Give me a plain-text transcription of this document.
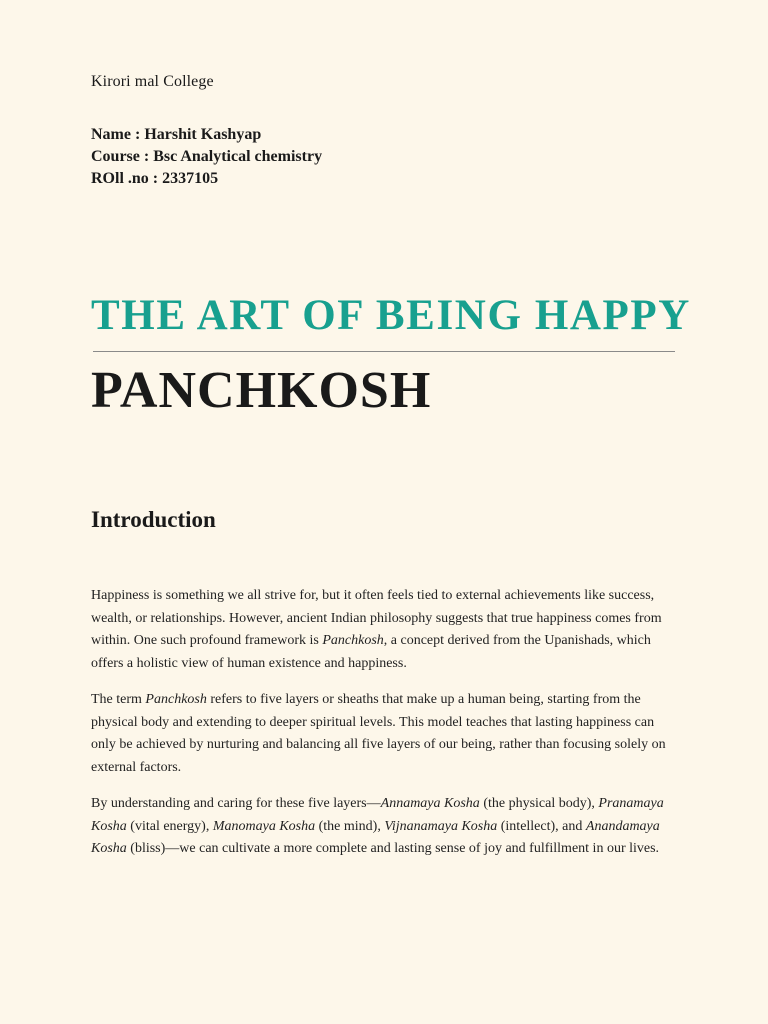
Kirori mal College
Name : Harshit Kashyap
Course : Bsc Analytical chemistry
ROll .no : 2337105
THE ART OF BEING HAPPY
PANCHKOSH
Introduction

Happiness is something we all strive for, but it often feels tied to external achievements like success, wealth, or relationships. However, ancient Indian philosophy suggests that true happiness comes from within. One such profound framework is Panchkosh, a concept derived from the Upanishads, which offers a holistic view of human existence and happiness.

The term Panchkosh refers to five layers or sheaths that make up a human being, starting from the physical body and extending to deeper spiritual levels. This model teaches that lasting happiness can only be achieved by nurturing and balancing all five layers of our being, rather than focusing solely on external factors.

By understanding and caring for these five layers—Annamaya Kosha (the physical body), Pranamaya Kosha (vital energy), Manomaya Kosha (the mind), Vijnanamaya Kosha (intellect), and Anandamaya Kosha (bliss)—we can cultivate a more complete and lasting sense of joy and fulfillment in our lives.
